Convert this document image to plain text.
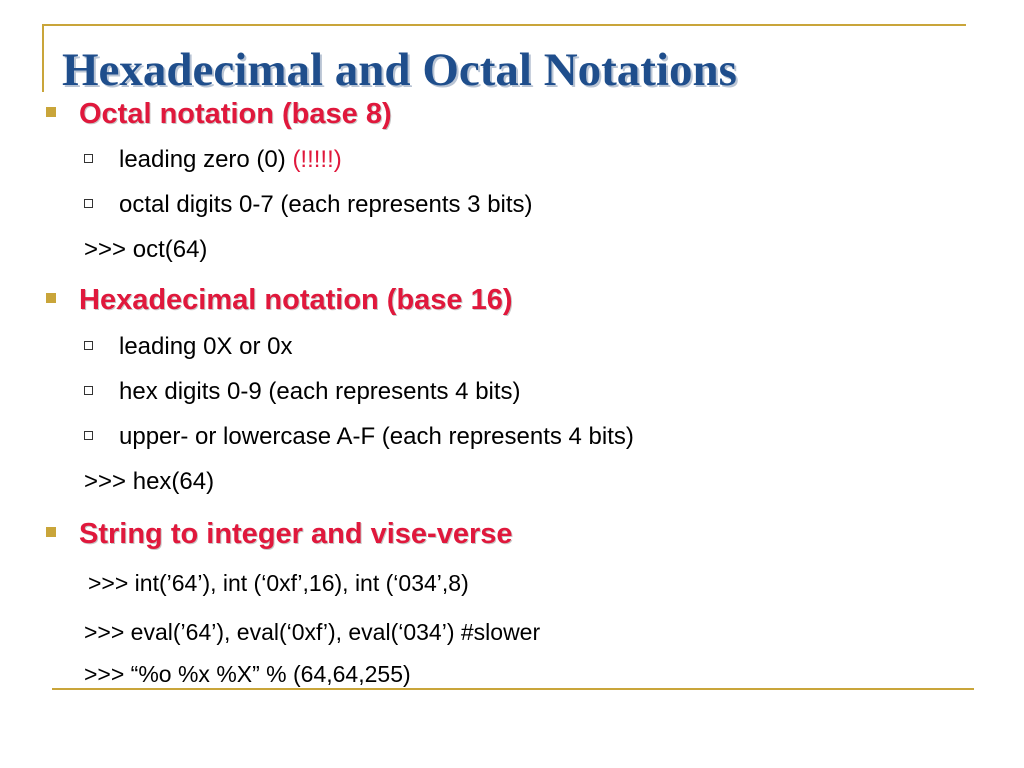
Hexadecimal and Octal Notations
Octal notation (base 8)
leading zero (0) (!!!!!)
octal digits 0-7 (each represents 3 bits)
>>> oct(64)
Hexadecimal notation (base 16)
leading 0X or 0x
hex digits 0-9 (each represents 4 bits)
upper- or lowercase A-F (each represents 4 bits)
>>> hex(64)
String to integer and vise-verse
>>> int(’64’), int (‘0xf’,16), int (‘034’,8)
>>> eval(’64’), eval(‘0xf’), eval(‘034’) #slower
>>> “%o %x %X” % (64,64,255)
